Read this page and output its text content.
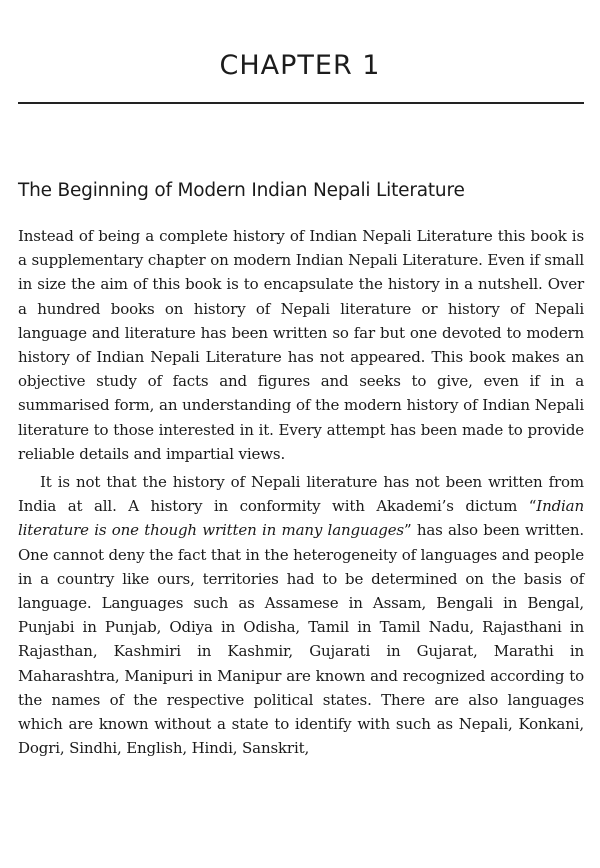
CHAPTER 1
The Beginning of Modern Indian Nepali Literature

Instead of being a complete history of Indian Nepali Literature this book is a supplementary chapter on modern Indian Nepali Literature. Even if small in size the aim of this book is to encapsulate the history in a nutshell. Over a hundred books on history of Nepali literature or history of Nepali language and literature has been written so far but one devoted to modern history of Indian Nepali Literature has not appeared. This book makes an objective study of facts and figures and seeks to give, even if in a summarised form, an understanding of the modern history of Indian Nepali literature to those interested in it. Every attempt has been made to provide reliable details and impartial views.

It is not that the history of Nepali literature has not been written from India at all. A history in conformity with Akademi’s dictum “Indian literature is one though written in many languages” has also been written. One cannot deny the fact that in the heterogeneity of languages and people in a country like ours, territories had to be determined on the basis of language. Languages such as Assamese in Assam, Bengali in Bengal, Punjabi in Punjab, Odiya in Odisha, Tamil in Tamil Nadu, Rajasthani in Rajasthan, Kashmiri in Kashmir, Gujarati in Gujarat, Marathi in Maharashtra, Manipuri in Manipur are known and recognized according to the names of the respective political states. There are also languages which are known without a state to identify with such as Nepali, Konkani, Dogri, Sindhi, English, Hindi, Sanskrit,
